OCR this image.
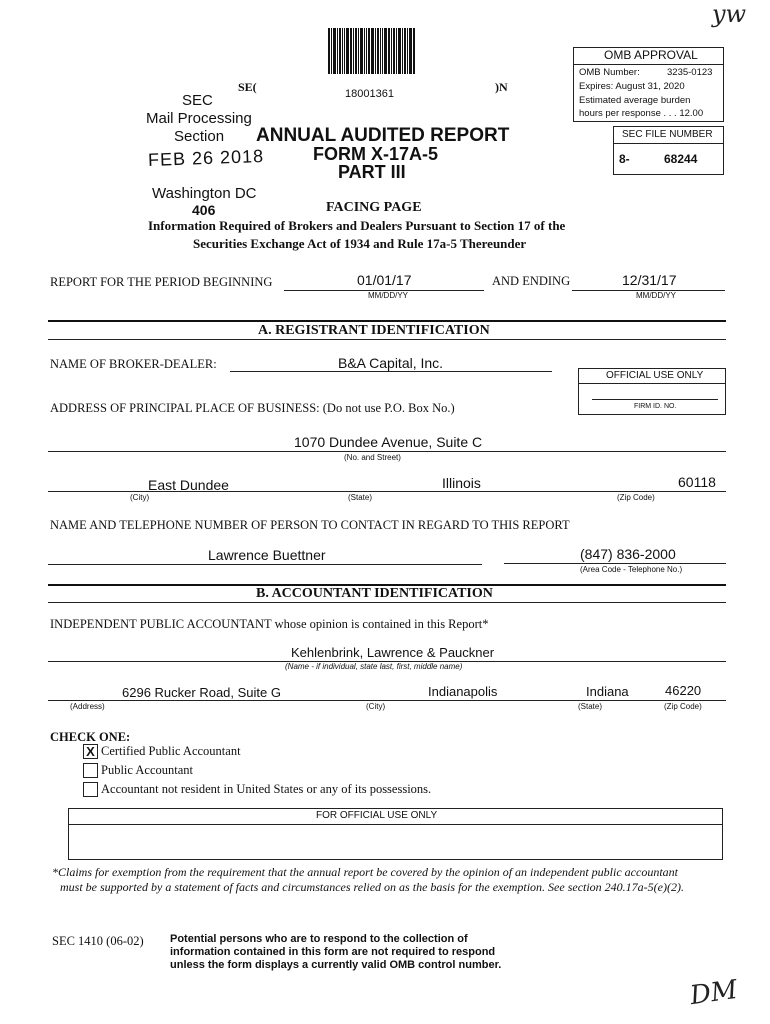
yw
DM
18001361
SE(	)N
SEC
Mail Processing
Section
FEB 26 2018
Washington DC
406
ANNUAL AUDITED REPORT
FORM X-17A-5
PART III
OMB APPROVAL
OMB Number:	3235-0123
Expires: August 31, 2020
Estimated average burden
hours per response . . . 12.00
SEC FILE NUMBER
8-	68244
FACING PAGE
Information Required of Brokers and Dealers Pursuant to Section 17 of the
Securities Exchange Act of 1934 and Rule 17a-5 Thereunder
REPORT FOR THE PERIOD BEGINNING	01/01/17
MM/DD/YY
AND ENDING	12/31/17
MM/DD/YY
A. REGISTRANT IDENTIFICATION
NAME OF BROKER-DEALER:	B&A Capital, Inc.
OFFICIAL USE ONLY
FIRM ID. NO.
ADDRESS OF PRINCIPAL PLACE OF BUSINESS: (Do not use P.O. Box No.)
1070 Dundee Avenue, Suite C
(No. and Street)
East Dundee	Illinois	60118
(City)	(State)	(Zip Code)
NAME AND TELEPHONE NUMBER OF PERSON TO CONTACT IN REGARD TO THIS REPORT
Lawrence Buettner	(847) 836-2000
(Area Code - Telephone No.)
B. ACCOUNTANT IDENTIFICATION
INDEPENDENT PUBLIC ACCOUNTANT whose opinion is contained in this Report*
Kehlenbrink, Lawrence & Pauckner
(Name - if individual, state last, first, middle name)
6296 Rucker Road, Suite G	Indianapolis	Indiana	46220
(Address)	(City)	(State)	(Zip Code)
CHECK ONE:
X Certified Public Accountant
Public Accountant
Accountant not resident in United States or any of its possessions.
FOR OFFICIAL USE ONLY
*Claims for exemption from the requirement that the annual report be covered by the opinion of an independent public accountant
must be supported by a statement of facts and circumstances relied on as the basis for the exemption. See section 240.17a-5(e)(2).
SEC 1410 (06-02) Potential persons who are to respond to the collection of
information contained in this form are not required to respond
unless the form displays a currently valid OMB control number.
